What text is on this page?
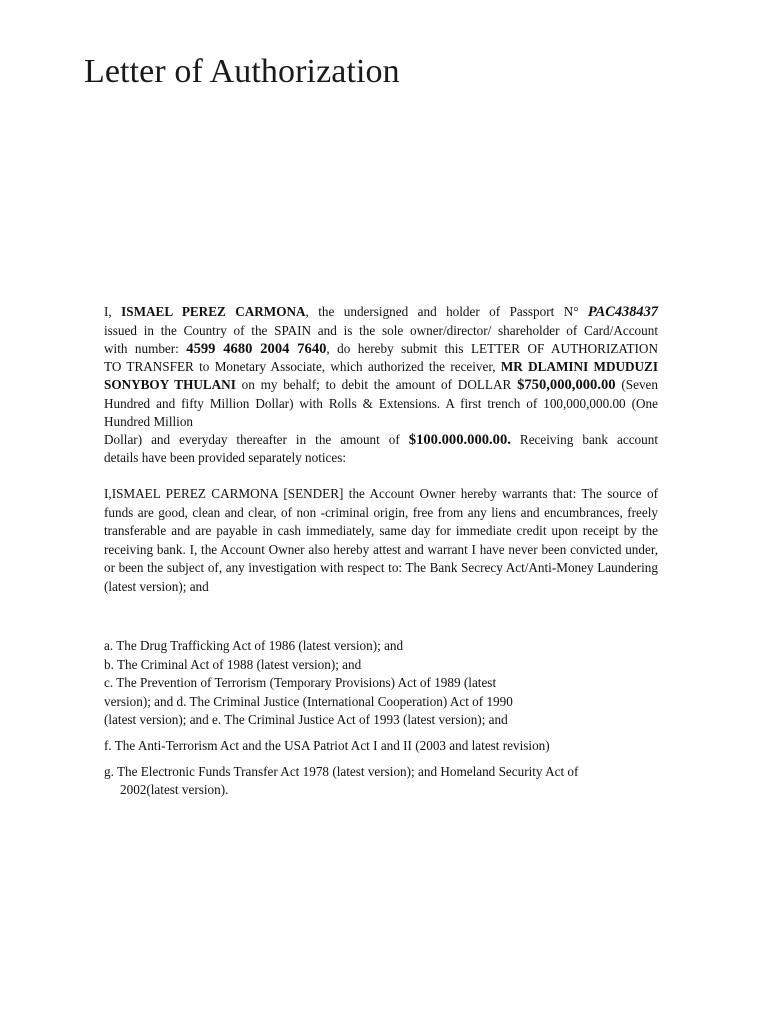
Letter of Authorization
I, ISMAEL PEREZ CARMONA, the undersigned and holder of Passport N° PAC438437
issued in the Country of the SPAIN and is the sole owner/director/ shareholder of Card/Account
with number: 4599 4680 2004 7640, do hereby submit this LETTER OF AUTHORIZATION
TO TRANSFER to Monetary Associate, which authorized the receiver, MR DLAMINI MDUDUZI
SONYBOY THULANI on my behalf; to debit the amount of DOLLAR $750,000,000.00 (Seven
Hundred and fifty Million Dollar) with Rolls & Extensions. A first trench of 100,000,000.00 (One
Hundred Million
Dollar) and everyday thereafter in the amount of $100.000.000.00. Receiving bank account
details have been provided separately notices:

I,ISMAEL PEREZ CARMONA [SENDER] the Account Owner hereby warrants that: The source of funds are good, clean and clear, of non -criminal origin, free from any liens and encumbrances, freely transferable and are payable in cash immediately, same day for immediate credit upon receipt by the receiving bank. I, the Account Owner also hereby attest and warrant I have never been convicted under, or been the subject of, any investigation with respect to: The Bank Secrecy Act/Anti-Money Laundering (latest version); and

a. The Drug Trafficking Act of 1986 (latest version); and
b. The Criminal Act of 1988 (latest version); and
c. The Prevention of Terrorism (Temporary Provisions) Act of 1989 (latest
version); and d. The Criminal Justice (International Cooperation) Act of 1990
(latest version); and e. The Criminal Justice Act of 1993 (latest version); and
f. The Anti-Terrorism Act and the USA Patriot Act I and II (2003 and latest revision)
g. The Electronic Funds Transfer Act 1978 (latest version); and Homeland Security Act of
2002(latest version).
